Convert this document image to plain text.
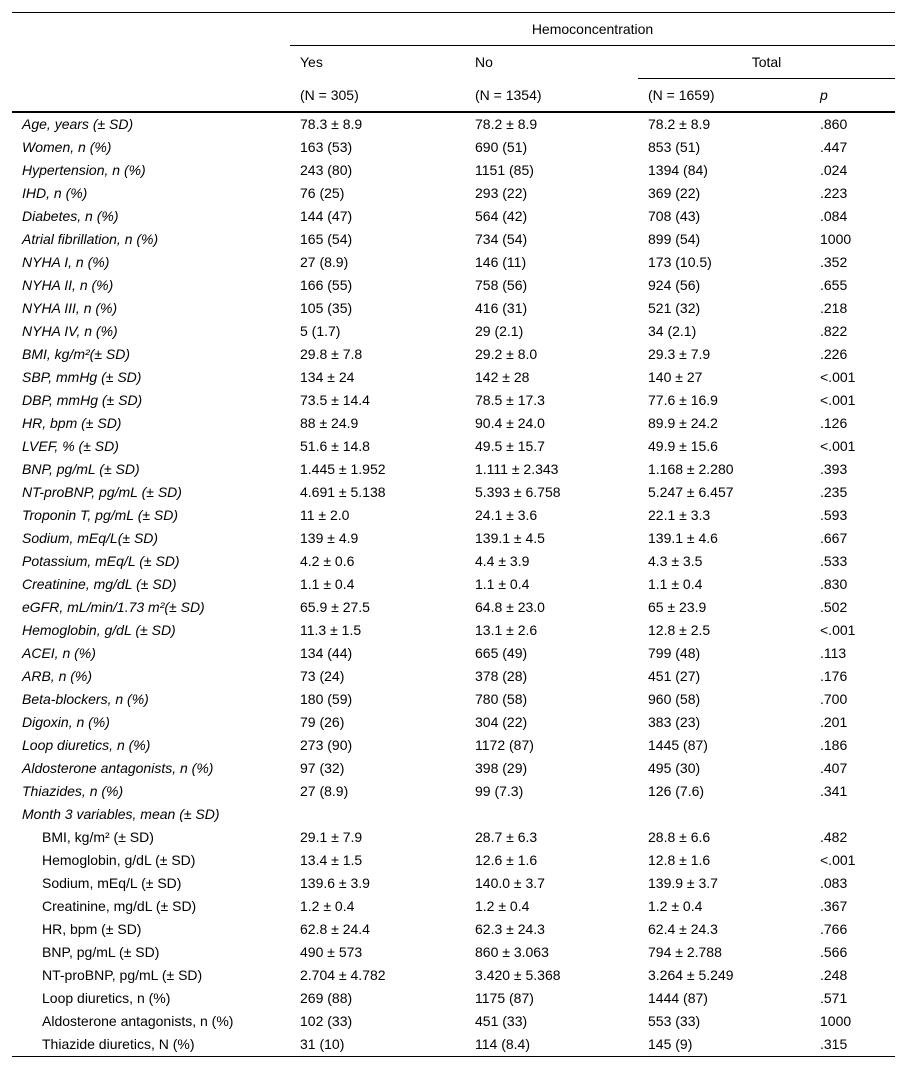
	Hemoconcentration			
	Yes	No	Total	
	(N = 305)	(N = 1354)	(N = 1659)	p
Age, years (± SD)	78.3 ± 8.9	78.2 ± 8.9	78.2 ± 8.9	.860
Women, n (%)	163 (53)	690 (51)	853 (51)	.447
Hypertension, n (%)	243 (80)	1151 (85)	1394 (84)	.024
IHD, n (%)	76 (25)	293 (22)	369 (22)	.223
Diabetes, n (%)	144 (47)	564 (42)	708 (43)	.084
Atrial fibrillation, n (%)	165 (54)	734 (54)	899 (54)	1000
NYHA I, n (%)	27 (8.9)	146 (11)	173 (10.5)	.352
NYHA II, n (%)	166 (55)	758 (56)	924 (56)	.655
NYHA III, n (%)	105 (35)	416 (31)	521 (32)	.218
NYHA IV, n (%)	5 (1.7)	29 (2.1)	34 (2.1)	.822
BMI, kg/m²(± SD)	29.8 ± 7.8	29.2 ± 8.0	29.3 ± 7.9	.226
SBP, mmHg (± SD)	134 ± 24	142 ± 28	140 ± 27	<.001
DBP, mmHg (± SD)	73.5 ± 14.4	78.5 ± 17.3	77.6 ± 16.9	<.001
HR, bpm (± SD)	88 ± 24.9	90.4 ± 24.0	89.9 ± 24.2	.126
LVEF, % (± SD)	51.6 ± 14.8	49.5 ± 15.7	49.9 ± 15.6	<.001
BNP, pg/mL (± SD)	1.445 ± 1.952	1.111 ± 2.343	1.168 ± 2.280	.393
NT-proBNP, pg/mL (± SD)	4.691 ± 5.138	5.393 ± 6.758	5.247 ± 6.457	.235
Troponin T, pg/mL (± SD)	11 ± 2.0	24.1 ± 3.6	22.1 ± 3.3	.593
Sodium, mEq/L(± SD)	139 ± 4.9	139.1 ± 4.5	139.1 ± 4.6	.667
Potassium, mEq/L (± SD)	4.2 ± 0.6	4.4 ± 3.9	4.3 ± 3.5	.533
Creatinine, mg/dL (± SD)	1.1 ± 0.4	1.1 ± 0.4	1.1 ± 0.4	.830
eGFR, mL/min/1.73 m²(± SD)	65.9 ± 27.5	64.8 ± 23.0	65 ± 23.9	.502
Hemoglobin, g/dL (± SD)	11.3 ± 1.5	13.1 ± 2.6	12.8 ± 2.5	<.001
ACEI, n (%)	134 (44)	665 (49)	799 (48)	.113
ARB, n (%)	73 (24)	378 (28)	451 (27)	.176
Beta-blockers, n (%)	180 (59)	780 (58)	960 (58)	.700
Digoxin, n (%)	79 (26)	304 (22)	383 (23)	.201
Loop diuretics, n (%)	273 (90)	1172 (87)	1445 (87)	.186
Aldosterone antagonists, n (%)	97 (32)	398 (29)	495 (30)	.407
Thiazides, n (%)	27 (8.9)	99 (7.3)	126 (7.6)	.341
Month 3 variables, mean (± SD)				
BMI, kg/m² (± SD)	29.1 ± 7.9	28.7 ± 6.3	28.8 ± 6.6	.482
Hemoglobin, g/dL (± SD)	13.4 ± 1.5	12.6 ± 1.6	12.8 ± 1.6	<.001
Sodium, mEq/L (± SD)	139.6 ± 3.9	140.0 ± 3.7	139.9 ± 3.7	.083
Creatinine, mg/dL (± SD)	1.2 ± 0.4	1.2 ± 0.4	1.2 ± 0.4	.367
HR, bpm (± SD)	62.8 ± 24.4	62.3 ± 24.3	62.4 ± 24.3	.766
BNP, pg/mL (± SD)	490 ± 573	860 ± 3.063	794 ± 2.788	.566
NT-proBNP, pg/mL (± SD)	2.704 ± 4.782	3.420 ± 5.368	3.264 ± 5.249	.248
Loop diuretics, n (%)	269 (88)	1175 (87)	1444 (87)	.571
Aldosterone antagonists, n (%)	102 (33)	451 (33)	553 (33)	1000
Thiazide diuretics, N (%)	31 (10)	114 (8.4)	145 (9)	.315
